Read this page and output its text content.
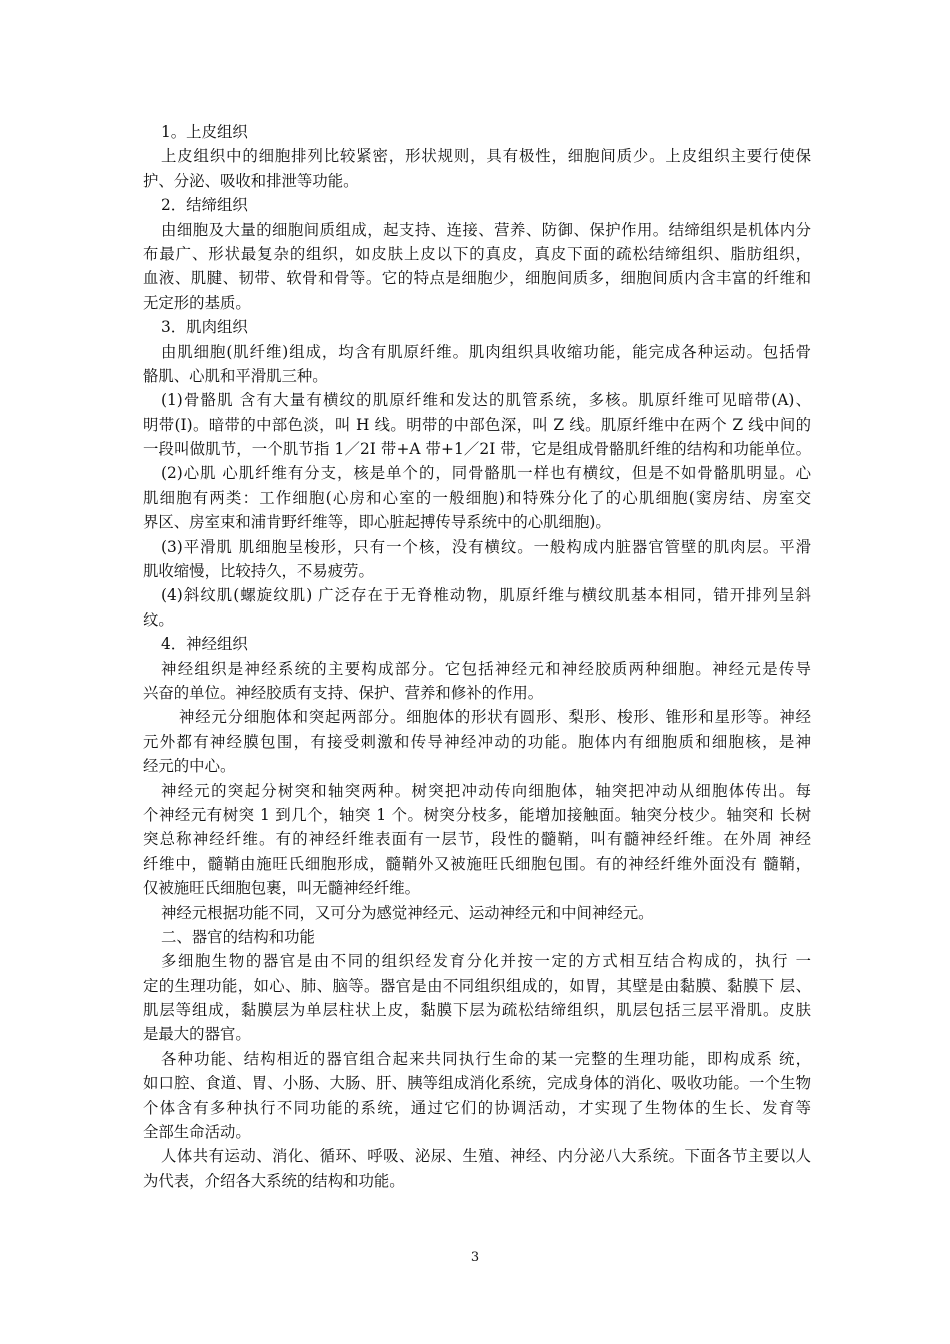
1。上皮组织
上皮组织中的细胞排列比较紧密，形状规则，具有极性，细胞间质少。上皮组织主要行使保
护、分泌、吸收和排泄等功能。
2．结缔组织
由细胞及大量的细胞间质组成，起支持、连接、营养、防御、保护作用。结缔组织是机体内分
布最广、形状最复杂的组织，如皮肤上皮以下的真皮，真皮下面的疏松结缔组织、脂肪组织，
血液、肌腱、韧带、软骨和骨等。它的特点是细胞少，细胞间质多，细胞间质内含丰富的纤维和
无定形的基质。
3．肌肉组织
由肌细胞(肌纤维)组成，均含有肌原纤维。肌肉组织具收缩功能，能完成各种运动。包括骨
骼肌、心肌和平滑肌三种。
(1)骨骼肌 含有大量有横纹的肌原纤维和发达的肌管系统，多核。肌原纤维可见暗带(A)、
明带(I)。暗带的中部色淡，叫 H 线。明带的中部色深，叫 Z 线。肌原纤维中在两个 Z 线中间的
一段叫做肌节，一个肌节指 1／2I 带+A 带+1／2I 带，它是组成骨骼肌纤维的结构和功能单位。
(2)心肌 心肌纤维有分支，核是单个的，同骨骼肌一样也有横纹，但是不如骨骼肌明显。心
肌细胞有两类：工作细胞(心房和心室的一般细胞)和特殊分化了的心肌细胞(窦房结、房室交
界区、房室束和浦肯野纤维等，即心脏起搏传导系统中的心肌细胞)。
(3)平滑肌 肌细胞呈梭形，只有一个核，没有横纹。一般构成内脏器官管壁的肌肉层。平滑
肌收缩慢，比较持久，不易疲劳。
(4)斜纹肌(螺旋纹肌) 广泛存在于无脊椎动物，肌原纤维与横纹肌基本相同，错开排列呈斜
纹。
4．神经组织
神经组织是神经系统的主要构成部分。它包括神经元和神经胶质两种细胞。神经元是传导
兴奋的单位。神经胶质有支持、保护、营养和修补的作用。
神经元分细胞体和突起两部分。细胞体的形状有圆形、梨形、梭形、锥形和星形等。神经
元外都有神经膜包围，有接受刺激和传导神经冲动的功能。胞体内有细胞质和细胞核，是神
经元的中心。
神经元的突起分树突和轴突两种。树突把冲动传向细胞体，轴突把冲动从细胞体传出。每
个神经元有树突 1 到几个，轴突 1 个。树突分枝多，能增加接触面。轴突分枝少。轴突和 长树
突总称神经纤维。有的神经纤维表面有一层节，段性的髓鞘，叫有髓神经纤维。在外周 神经
纤维中，髓鞘由施旺氏细胞形成，髓鞘外又被施旺氏细胞包围。有的神经纤维外面没有 髓鞘，
仅被施旺氏细胞包裹，叫无髓神经纤维。
神经元根据功能不同，又可分为感觉神经元、运动神经元和中间神经元。
二、器官的结构和功能
多细胞生物的器官是由不同的组织经发育分化并按一定的方式相互结合构成的，执行 一
定的生理功能，如心、肺、脑等。器官是由不同组织组成的，如胃，其壁是由黏膜、黏膜下 层、
肌层等组成，黏膜层为单层柱状上皮，黏膜下层为疏松结缔组织，肌层包括三层平滑肌。皮肤
是最大的器官。
各种功能、结构相近的器官组合起来共同执行生命的某一完整的生理功能，即构成系 统，
如口腔、食道、胃、小肠、大肠、肝、胰等组成消化系统，完成身体的消化、吸收功能。一个生物
个体含有多种执行不同功能的系统，通过它们的协调活动，才实现了生物体的生长、发育等
全部生命活动。
人体共有运动、消化、循环、呼吸、泌尿、生殖、神经、内分泌八大系统。下面各节主要以人
为代表，介绍各大系统的结构和功能。
3
